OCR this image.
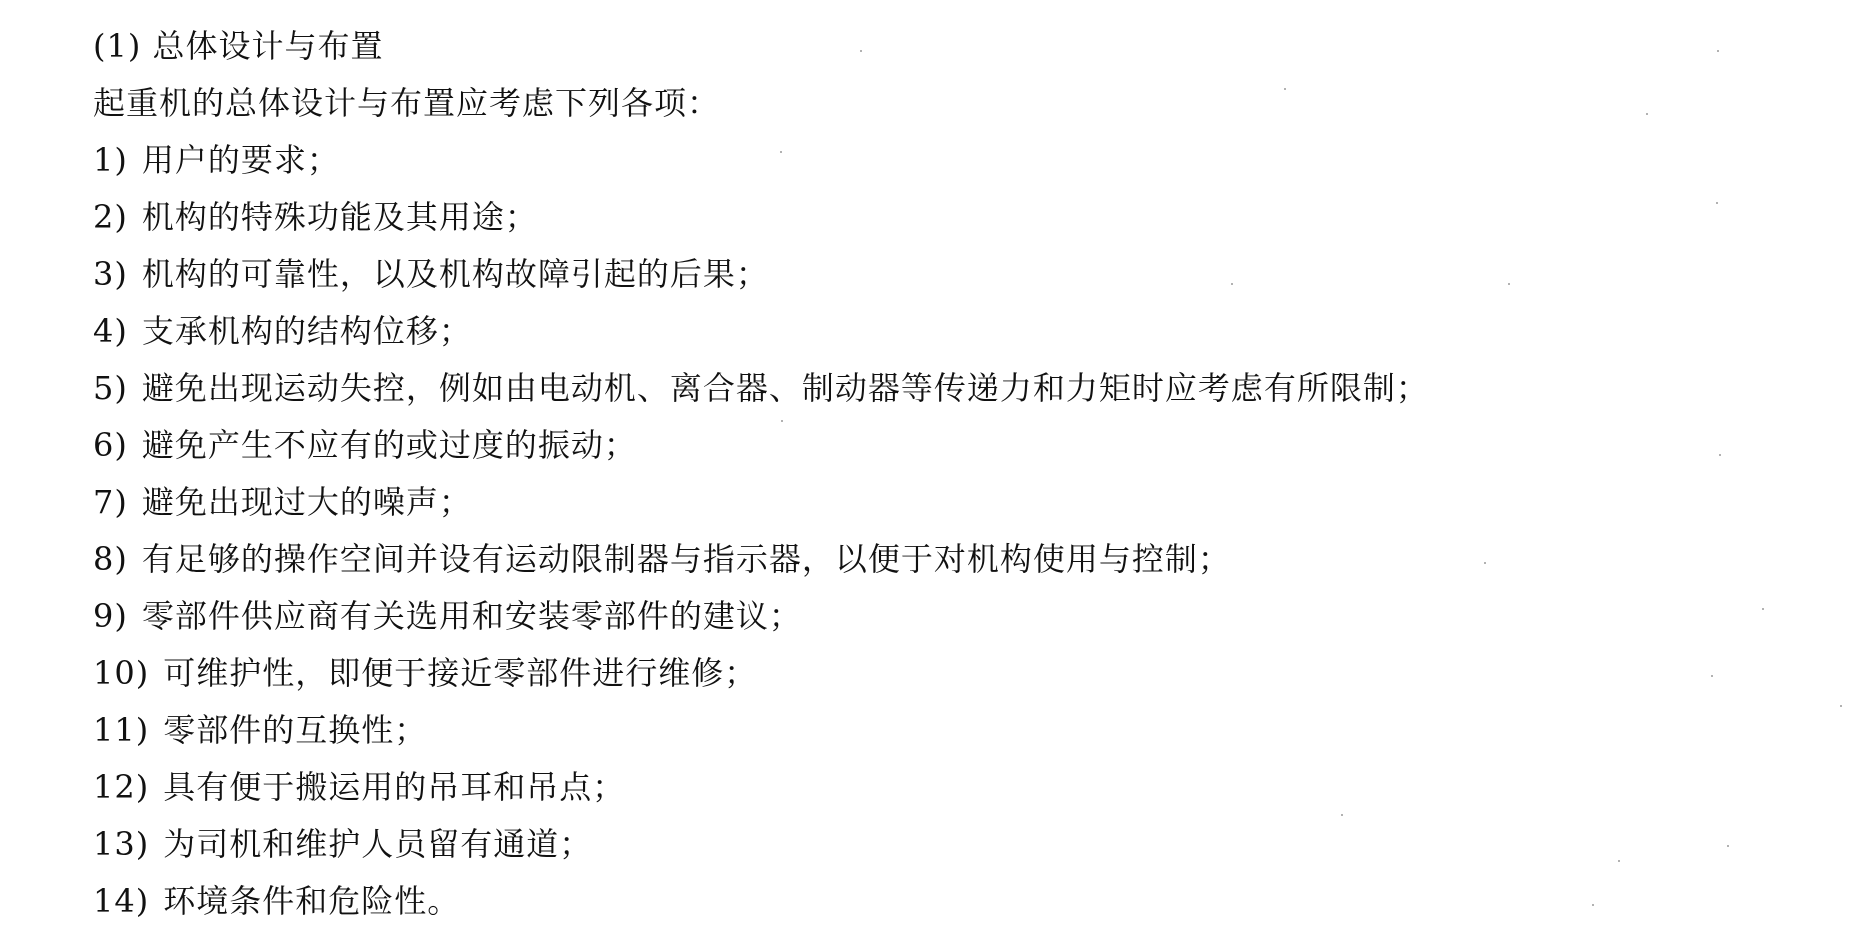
(1) 总体设计与布置
起重机的总体设计与布置应考虑下列各项：
1) 用户的要求；
2) 机构的特殊功能及其用途；
3) 机构的可靠性，以及机构故障引起的后果；
4) 支承机构的结构位移；
5) 避免出现运动失控，例如由电动机、离合器、制动器等传递力和力矩时应考虑有所限制；
6) 避免产生不应有的或过度的振动；
7) 避免出现过大的噪声；
8) 有足够的操作空间并设有运动限制器与指示器，以便于对机构使用与控制；
9) 零部件供应商有关选用和安装零部件的建议；
10) 可维护性，即便于接近零部件进行维修；
11) 零部件的互换性；
12) 具有便于搬运用的吊耳和吊点；
13) 为司机和维护人员留有通道；
14) 环境条件和危险性。
